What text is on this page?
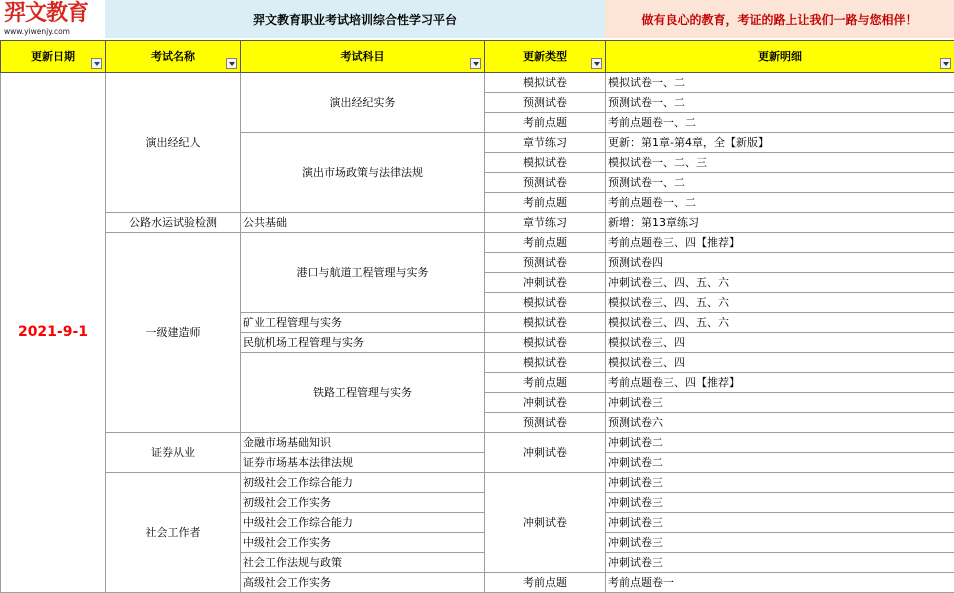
羿文教育
www.yiwenjy.com
羿文教育职业考试培训综合性学习平台	做有良心的教育，考证的路上让我们一路与您相伴！
更新日期	考试名称	考试科目	更新类型	更新明细

2021-9-1	演出经纪人	演出经纪实务	模拟试卷	模拟试卷一、二
			预测试卷	预测试卷一、二
			考前点题	考前点题卷一、二
		演出市场政策与法律法规	章节练习	更新：第1章-第4章，全【新版】
			模拟试卷	模拟试卷一、二、三
			预测试卷	预测试卷一、二
			考前点题	考前点题卷一、二
	公路水运试验检测	公共基础	章节练习	新增：第13章练习
	一级建造师	港口与航道工程管理与实务	考前点题	考前点题卷三、四【推荐】
			预测试卷	预测试卷四
			冲刺试卷	冲刺试卷三、四、五、六
			模拟试卷	模拟试卷三、四、五、六
		矿业工程管理与实务	模拟试卷	模拟试卷三、四、五、六
		民航机场工程管理与实务	模拟试卷	模拟试卷三、四
		铁路工程管理与实务	模拟试卷	模拟试卷三、四
			考前点题	考前点题卷三、四【推荐】
			冲刺试卷	冲刺试卷三
			预测试卷	预测试卷六
	证券从业	金融市场基础知识	冲刺试卷	冲刺试卷二
		证券市场基本法律法规		冲刺试卷二
	社会工作者	初级社会工作综合能力	冲刺试卷	冲刺试卷三
		初级社会工作实务		冲刺试卷三
		中级社会工作综合能力		冲刺试卷三
		中级社会工作实务		冲刺试卷三
		社会工作法规与政策		冲刺试卷三
		高级社会工作实务	考前点题	考前点题卷一
